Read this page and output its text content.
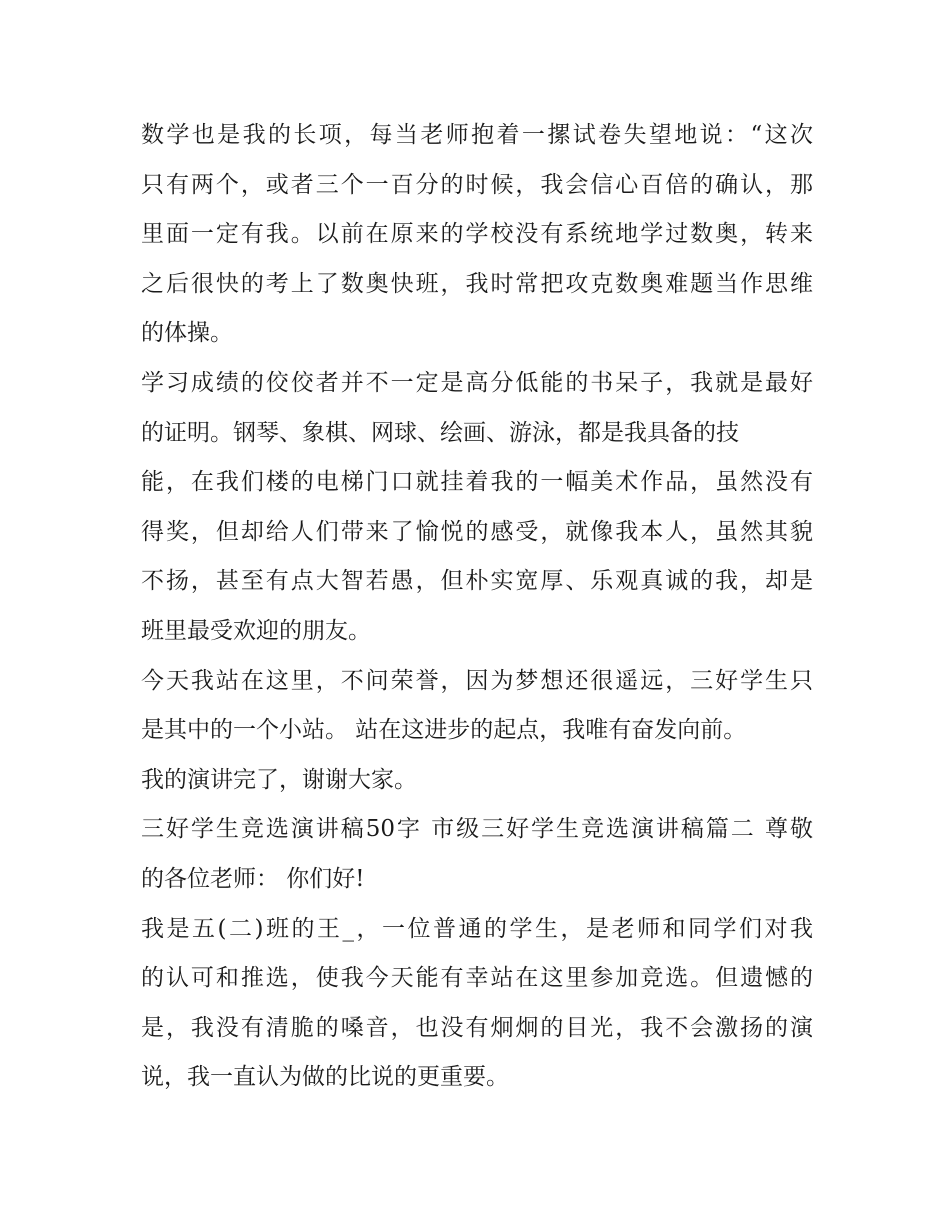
数学也是我的长项，每当老师抱着一摞试卷失望地说：“这次
只有两个，或者三个一百分的时候，我会信心百倍的确认，那
里面一定有我。以前在原来的学校没有系统地学过数奥，转来
之后很快的考上了数奥快班，我时常把攻克数奥难题当作思维
的体操。
学习成绩的佼佼者并不一定是高分低能的书呆子，我就是最好
的证明。钢琴、象棋、网球、绘画、游泳，都是我具备的技
能，在我们楼的电梯门口就挂着我的一幅美术作品，虽然没有
得奖，但却给人们带来了愉悦的感受，就像我本人，虽然其貌
不扬，甚至有点大智若愚，但朴实宽厚、乐观真诚的我，却是
班里最受欢迎的朋友。
今天我站在这里，不问荣誉，因为梦想还很遥远，三好学生只
是其中的一个小站。 站在这进步的起点，我唯有奋发向前。
我的演讲完了，谢谢大家。
三好学生竞选演讲稿50字 市级三好学生竞选演讲稿篇二 尊敬
的各位老师： 你们好!
我是五(二)班的王_，一位普通的学生，是老师和同学们对我
的认可和推选，使我今天能有幸站在这里参加竞选。但遗憾的
是，我没有清脆的嗓音，也没有炯炯的目光，我不会激扬的演
说，我一直认为做的比说的更重要。
